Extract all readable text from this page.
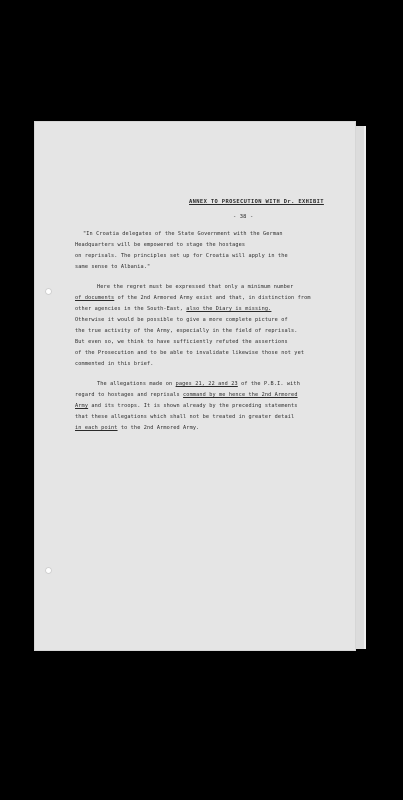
ANNEX TO PROSECUTION WITH Dr. EXHIBIT
- 38 -
"In Croatia delegates of the State Government with the German
Headquarters will be empowered to stage the hostages
on reprisals. The principles set up for Croatia will apply in the
same sense to Albania."
Here the regret must be expressed that only a minimum number
of documents of the 2nd Armored Army exist and that, in distinction from
other agencies in the South-East, also the Diary is missing.
Otherwise it would be possible to give a more complete picture of
the true activity of the Army, especially in the field of reprisals.
But even so, we think to have sufficiently refuted the assertions
of the Prosecution and to be able to invalidate likewise those not yet
commented in this brief.
The allegations made on pages 21, 22 and 23 of the P.B.I. with
regard to hostages and reprisals command by me hence the 2nd Armored
Army and its troops. It is shown already by the preceding statements
that these allegations which shall not be treated in greater detail
in each point to the 2nd Armored Army.
